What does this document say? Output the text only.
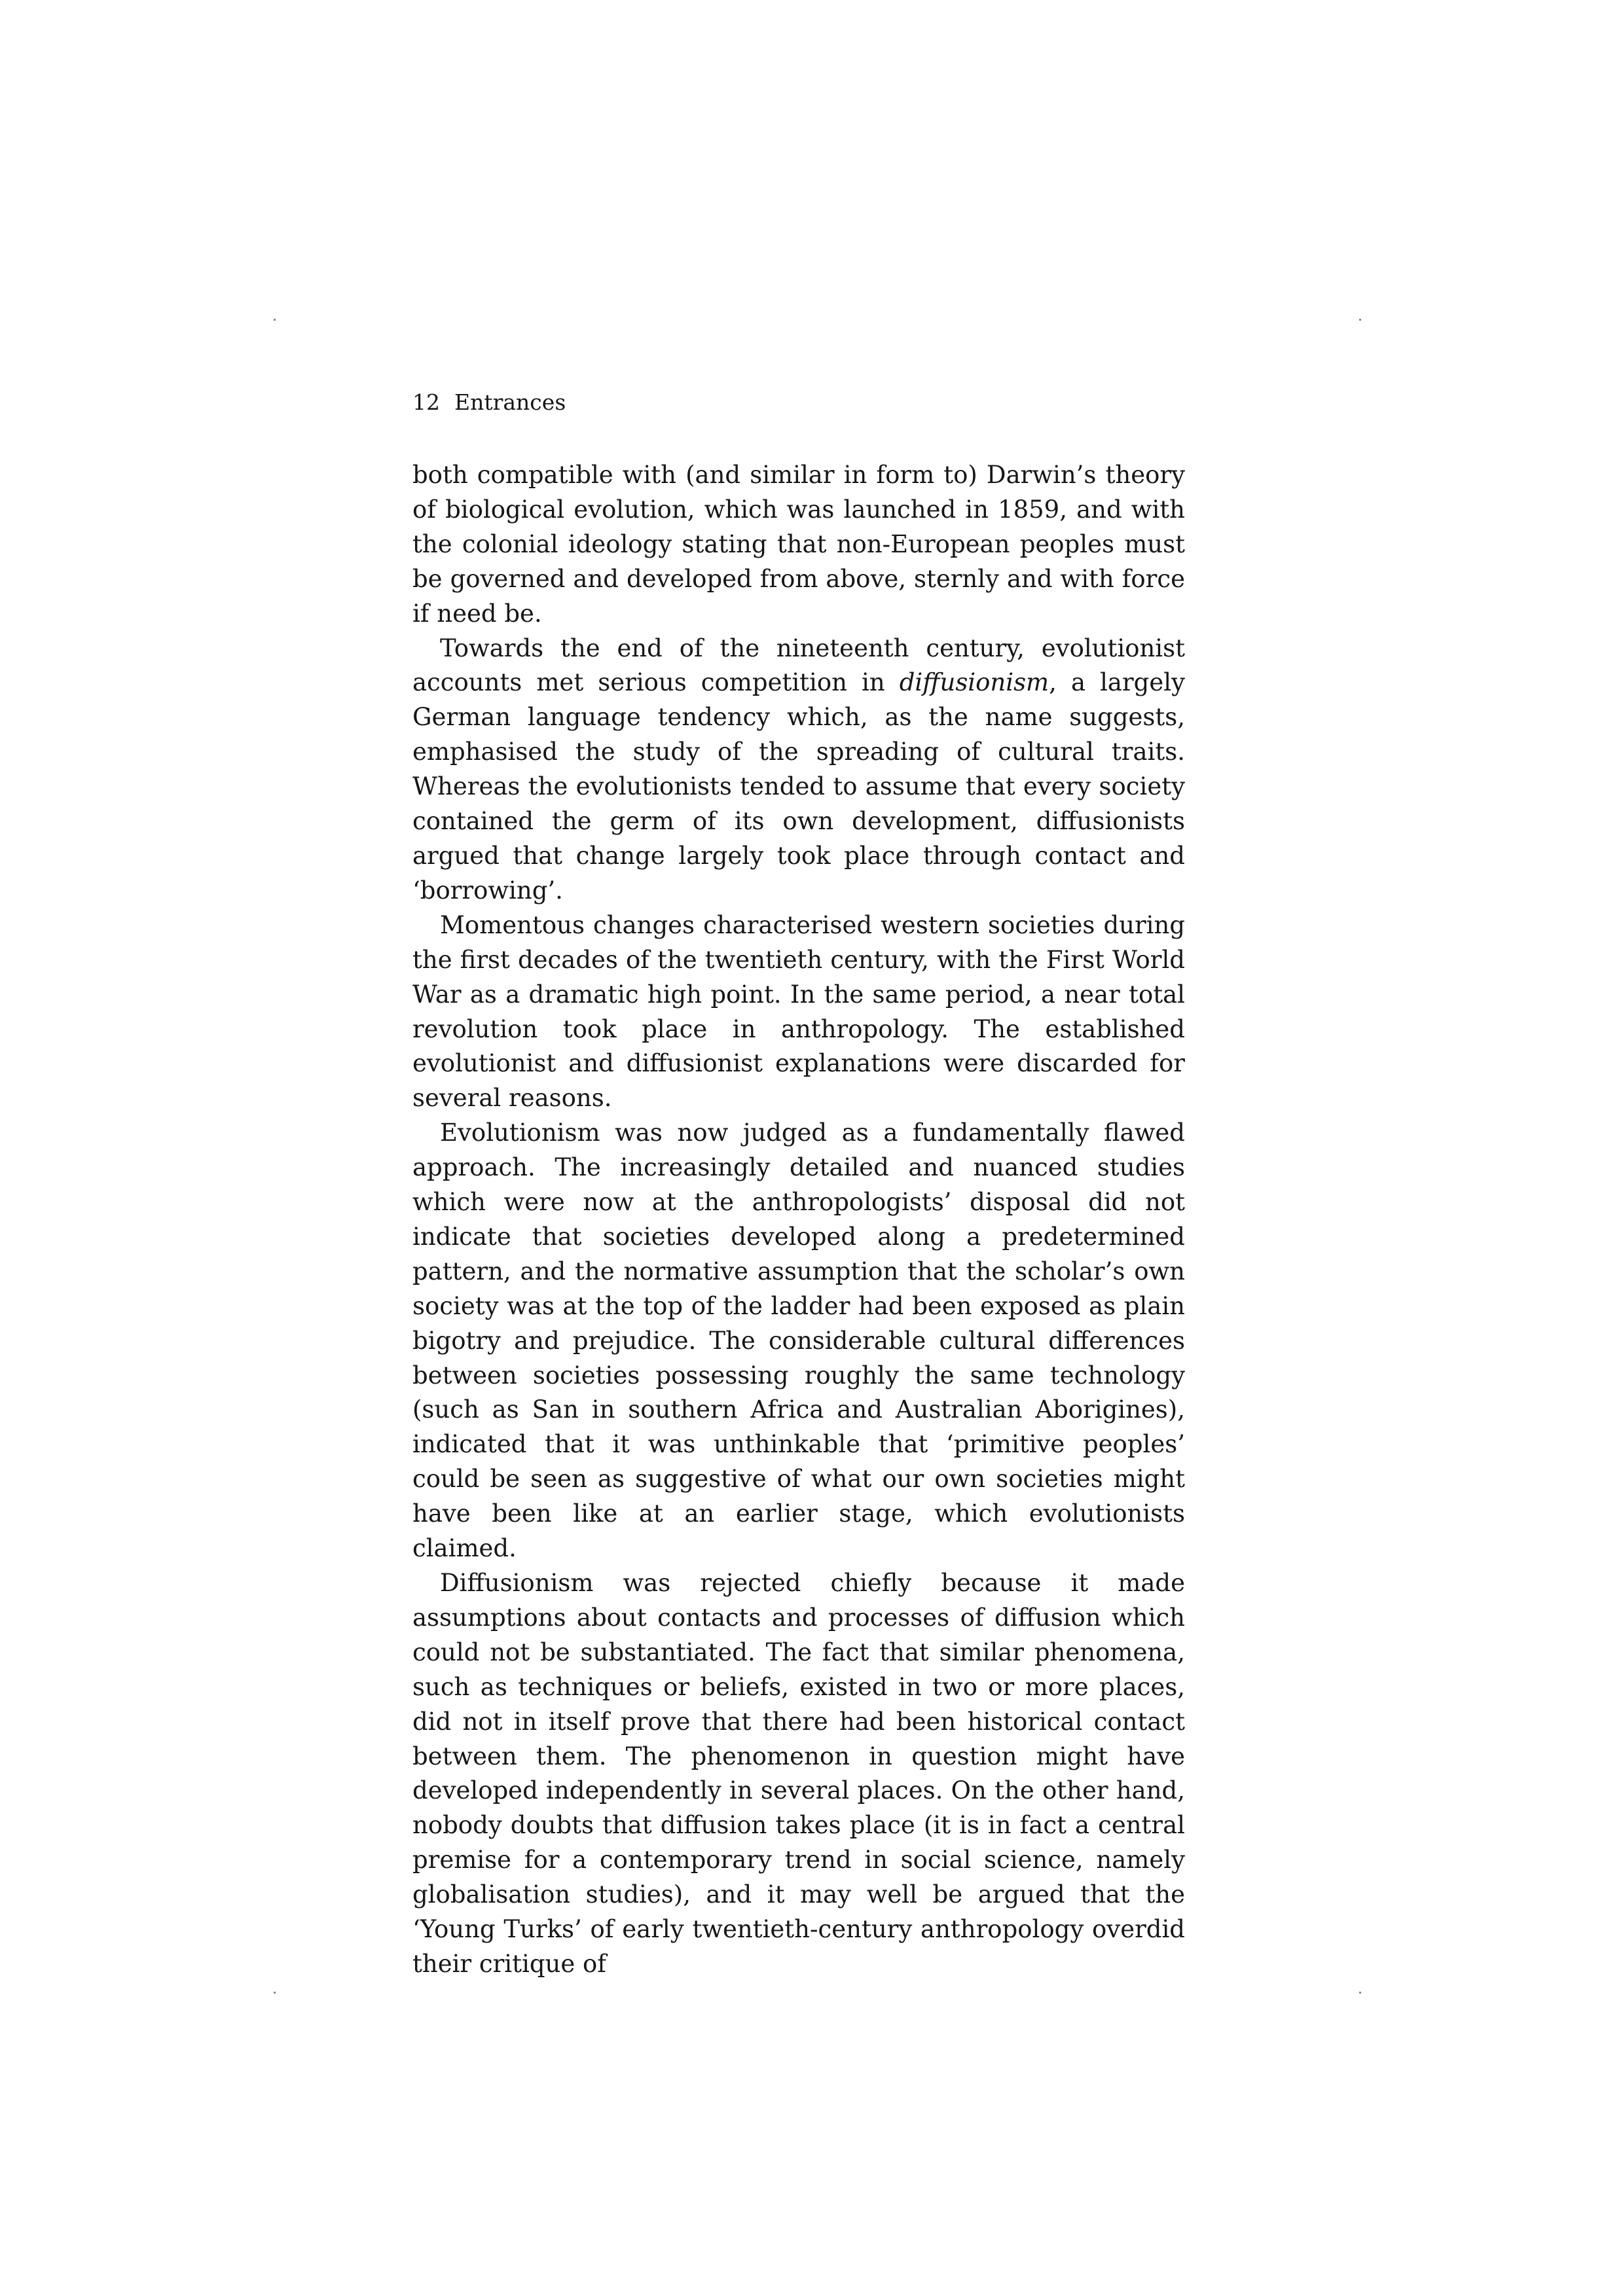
12 Entrances

both compatible with (and similar in form to) Darwin’s theory of biological evolution, which was launched in 1859, and with the colonial ideology stating that non-European peoples must be governed and developed from above, sternly and with force if need be.

Towards the end of the nineteenth century, evolutionist accounts met serious competition in diffusionism, a largely German language tendency which, as the name suggests, emphasised the study of the spreading of cultural traits. Whereas the evolutionists tended to assume that every society contained the germ of its own development, diffusionists argued that change largely took place through contact and ‘borrowing’.

Momentous changes characterised western societies during the first decades of the twentieth century, with the First World War as a dramatic high point. In the same period, a near total revolution took place in anthropology. The established evolutionist and diffusionist explanations were discarded for several reasons.

Evolutionism was now judged as a fundamentally flawed approach. The increasingly detailed and nuanced studies which were now at the anthropologists’ disposal did not indicate that societies developed along a predetermined pattern, and the normative assumption that the scholar’s own society was at the top of the ladder had been exposed as plain bigotry and prejudice. The considerable cultural differences between societies possessing roughly the same technology (such as San in southern Africa and Australian Aborigines), indicated that it was unthinkable that ‘primitive peoples’ could be seen as suggestive of what our own societies might have been like at an earlier stage, which evolutionists claimed.

Diffusionism was rejected chiefly because it made assumptions about contacts and processes of diffusion which could not be substantiated. The fact that similar phenomena, such as techniques or beliefs, existed in two or more places, did not in itself prove that there had been historical contact between them. The phenomenon in question might have developed independently in several places. On the other hand, nobody doubts that diffusion takes place (it is in fact a central premise for a contemporary trend in social science, namely globalisation studies), and it may well be argued that the ‘Young Turks’ of early twentieth-century anthropology overdid their critique of
